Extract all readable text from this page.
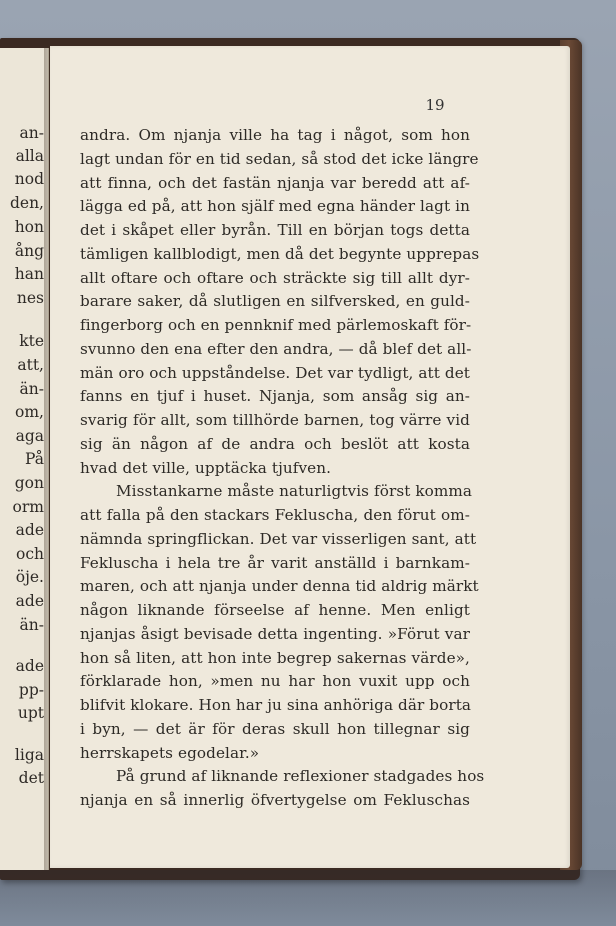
an-
alla
nod
den,
hon
ång
han
nes
kte
att,
än-
om,
aga
På
gon
orm
ade
och
öje.
ade
än-
ade
pp-
upt
liga
det
19
andra. Om njanja ville ha tag i något, som hon
lagt undan för en tid sedan, så stod det icke längre
att finna, och det fastän njanja var beredd att af-
lägga ed på, att hon själf med egna händer lagt in
det i skåpet eller byrån. Till en början togs detta
tämligen kallblodigt, men då det begynte upprepas
allt oftare och oftare och sträckte sig till allt dyr-
barare saker, då slutligen en silfversked, en guld-
fingerborg och en pennknif med pärlemoskaft för-
svunno den ena efter den andra, — då blef det all-
män oro och uppståndelse. Det var tydligt, att det
fanns en tjuf i huset. Njanja, som ansåg sig an-
svarig för allt, som tillhörde barnen, tog värre vid
sig än någon af de andra och beslöt att kosta
hvad det ville, upptäcka tjufven.
Misstankarne måste naturligtvis först komma
att falla på den stackars Fekluscha, den förut om-
nämnda springflickan. Det var visserligen sant, att
Fekluscha i hela tre år varit anställd i barnkam-
maren, och att njanja under denna tid aldrig märkt
någon liknande förseelse af henne. Men enligt
njanjas åsigt bevisade detta ingenting. »Förut var
hon så liten, att hon inte begrep sakernas värde»,
förklarade hon, »men nu har hon vuxit upp och
blifvit klokare. Hon har ju sina anhöriga där borta
i byn, — det är för deras skull hon tillegnar sig
herrskapets egodelar.»
På grund af liknande reflexioner stadgades hos
njanja en så innerlig öfvertygelse om Fekluschas
